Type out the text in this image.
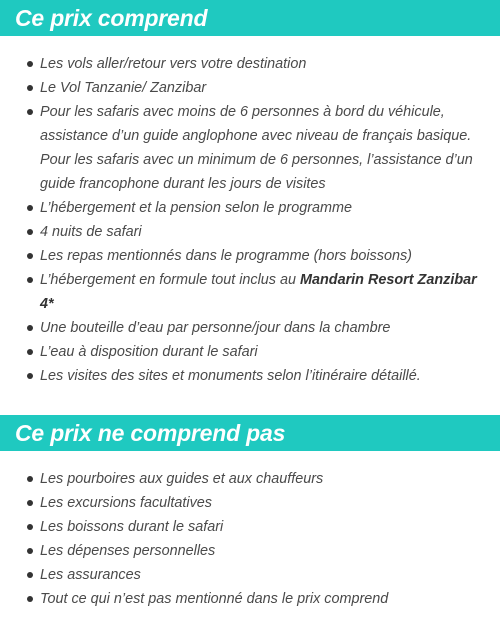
Ce prix comprend
Les vols aller/retour vers votre destination
Le Vol Tanzanie/ Zanzibar
Pour les safaris avec moins de 6 personnes à bord du véhicule, assistance d’un guide anglophone avec niveau de français basique. Pour les safaris avec un minimum de 6 personnes, l’assistance d’un guide francophone durant les jours de visites
L’hébergement et la pension selon le programme
4 nuits de safari
Les repas mentionnés dans le programme (hors boissons)
L’hébergement en formule tout inclus au Mandarin Resort Zanzibar 4*
Une bouteille d’eau par personne/jour dans la chambre
L’eau à disposition durant le safari
Les visites des sites et monuments selon l’itinéraire détaillé.
Ce prix ne comprend pas
Les pourboires aux guides et aux chauffeurs
Les excursions facultatives
Les boissons durant le safari
Les dépenses personnelles
Les assurances
Tout ce qui n’est pas mentionné dans le prix comprend
